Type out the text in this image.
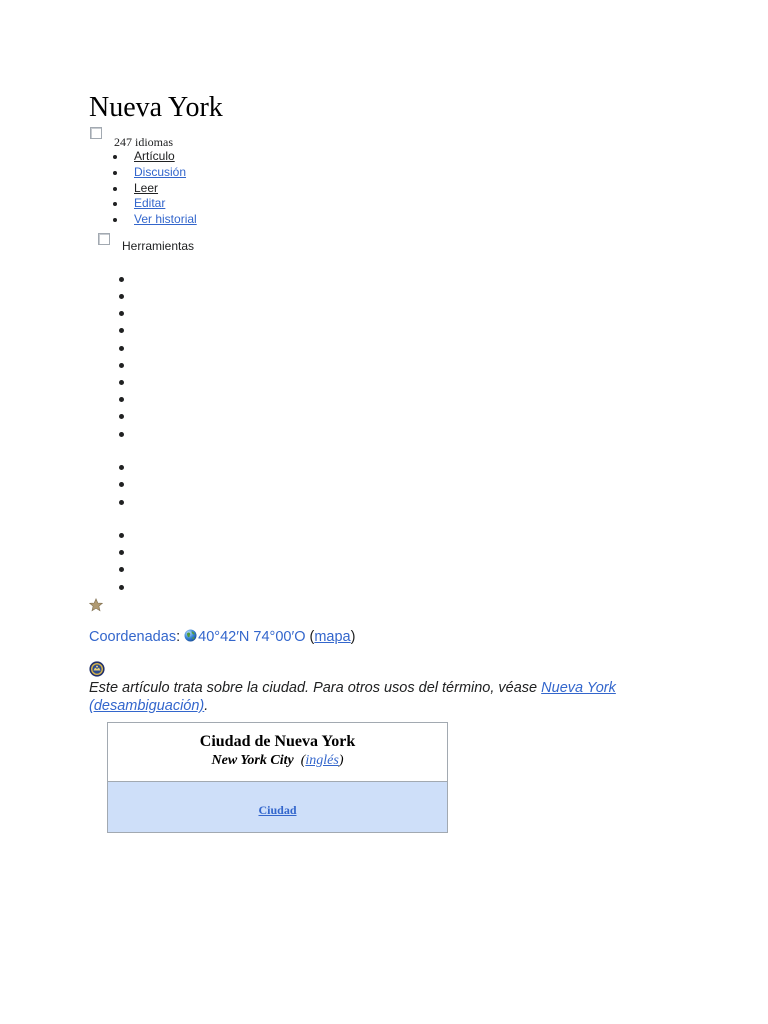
Nueva York
247 idiomas
Artículo
Discusión
Leer
Editar
Ver historial
Herramientas
Coordenadas: 40°42′N 74°00′O (mapa)

Este artículo trata sobre la ciudad. Para otros usos del término, véase Nueva York (desambiguación).

Ciudad de Nueva York
New York City (inglés)
Ciudad
